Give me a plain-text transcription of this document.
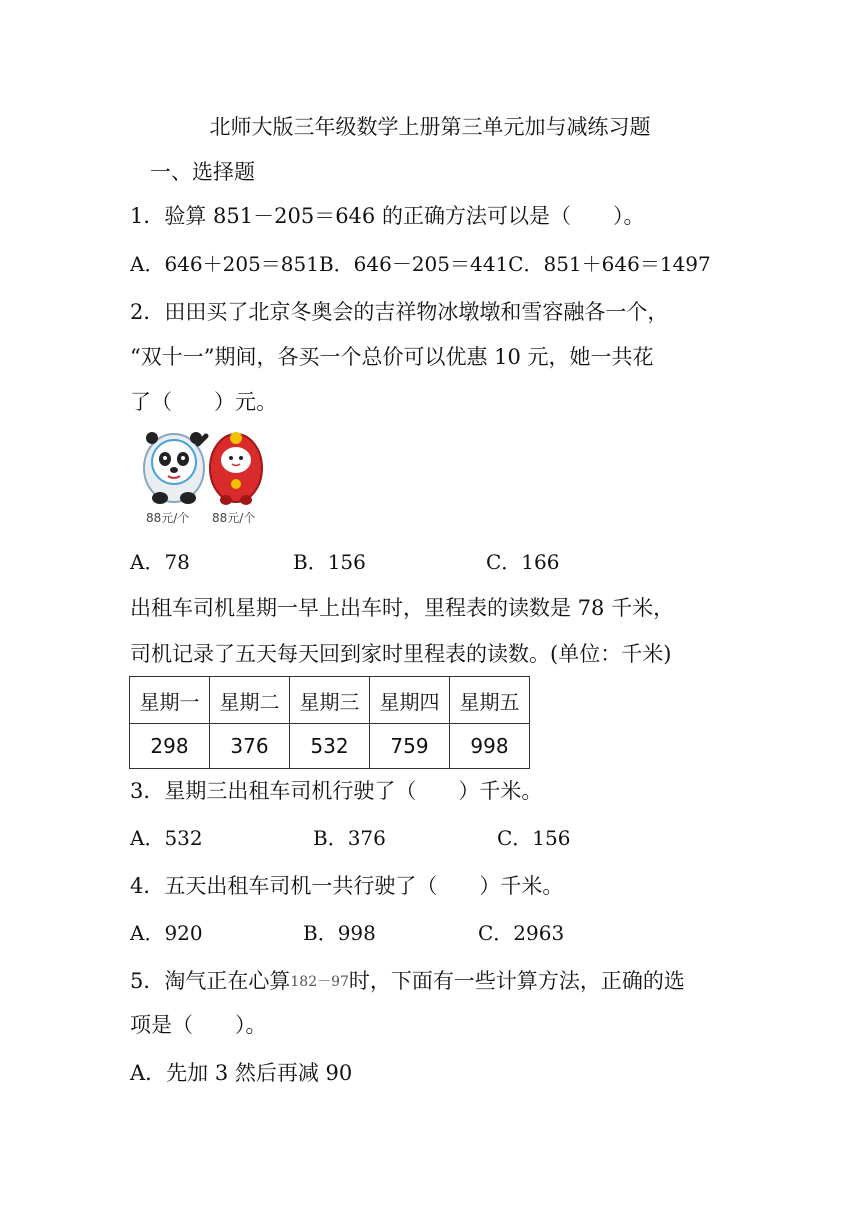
北师大版三年级数学上册第三单元加与减练习题
一、选择题
1．验算 851－205＝646 的正确方法可以是（　　）。
A．646＋205＝851B．646－205＝441C．851＋646＝1497
2．田田买了北京冬奥会的吉祥物冰墩墩和雪容融各一个，
“双十一”期间，各买一个总价可以优惠 10 元，她一共花
了（　　）元。
88元/个 88元/个
A．78	B．156	C．166
出租车司机星期一早上出车时，里程表的读数是 78 千米，
司机记录了五天每天回到家时里程表的读数。(单位：千米)
星期一	星期二	星期三	星期四	星期五
298	376	532	759	998
3．星期三出租车司机行驶了（　　）千米。
A．532	B．376	C．156
4．五天出租车司机一共行驶了（　　）千米。
A．920	B．998	C．2963
5．淘气正在心算182－97时，下面有一些计算方法，正确的选
项是（　　）。
A．先加 3 然后再减 90
